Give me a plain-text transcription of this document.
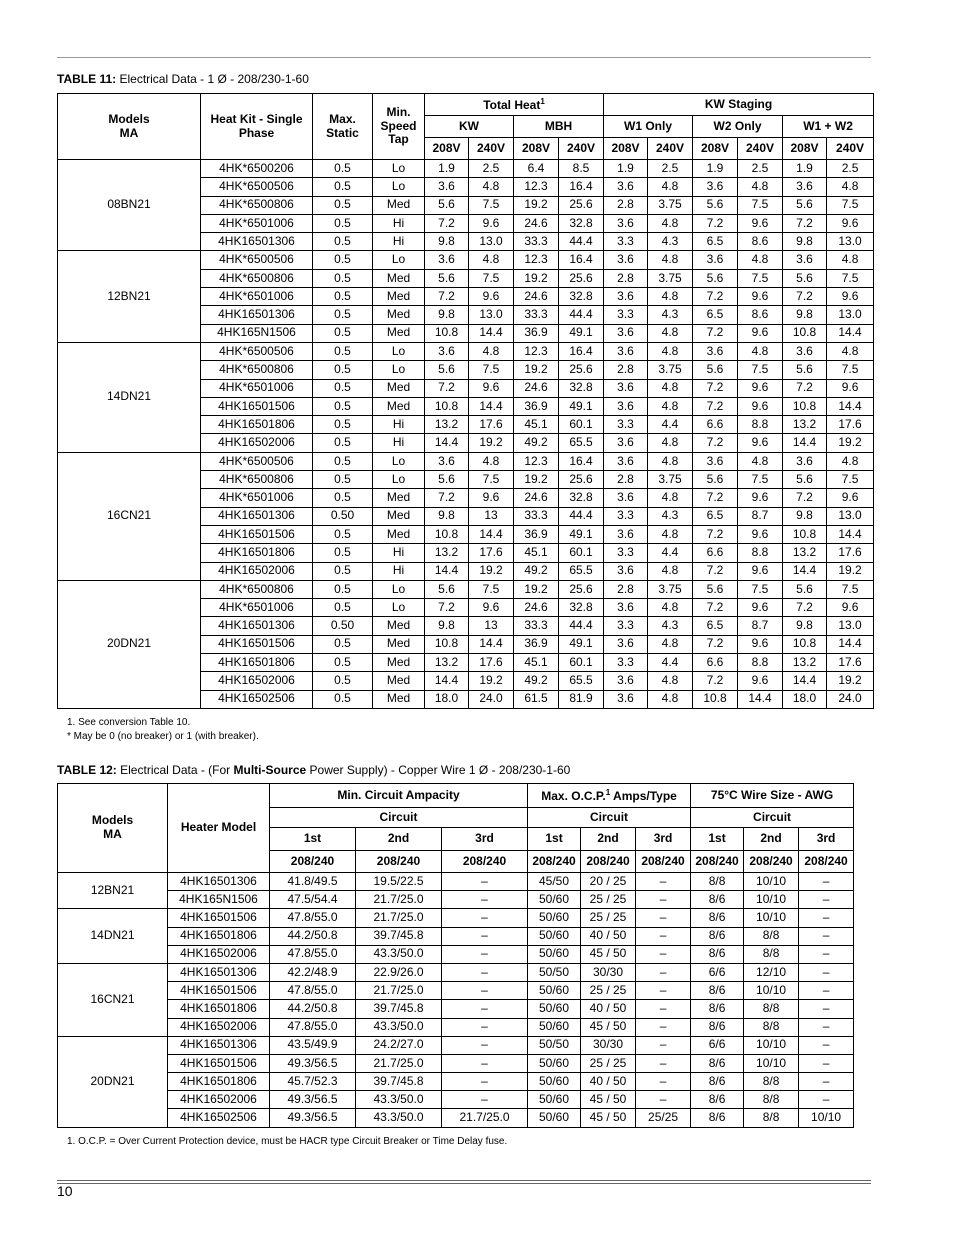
TABLE 11: Electrical Data - 1 Ø - 208/230-1-60
Models
MA	Heat Kit - Single Phase	Max. Static	Min. Speed Tap	Total Heat$^1$				KW Staging					
				KW		MBH		W1 Only		W2 Only		W1 + W2	
				208V	240V	208V	240V	208V	240V	208V	240V	208V	240V
08BN21	4HK*6500206	0.5	Lo	1.9	2.5	6.4	8.5	1.9	2.5	1.9	2.5	1.9	2.5
	4HK*6500506	0.5	Lo	3.6	4.8	12.3	16.4	3.6	4.8	3.6	4.8	3.6	4.8
	4HK*6500806	0.5	Med	5.6	7.5	19.2	25.6	2.8	3.75	5.6	7.5	5.6	7.5
	4HK*6501006	0.5	Hi	7.2	9.6	24.6	32.8	3.6	4.8	7.2	9.6	7.2	9.6
	4HK16501306	0.5	Hi	9.8	13.0	33.3	44.4	3.3	4.3	6.5	8.6	9.8	13.0
12BN21	4HK*6500506	0.5	Lo	3.6	4.8	12.3	16.4	3.6	4.8	3.6	4.8	3.6	4.8
	4HK*6500806	0.5	Med	5.6	7.5	19.2	25.6	2.8	3.75	5.6	7.5	5.6	7.5
	4HK*6501006	0.5	Med	7.2	9.6	24.6	32.8	3.6	4.8	7.2	9.6	7.2	9.6
	4HK16501306	0.5	Med	9.8	13.0	33.3	44.4	3.3	4.3	6.5	8.6	9.8	13.0
	4HK165N1506	0.5	Med	10.8	14.4	36.9	49.1	3.6	4.8	7.2	9.6	10.8	14.4
14DN21	4HK*6500506	0.5	Lo	3.6	4.8	12.3	16.4	3.6	4.8	3.6	4.8	3.6	4.8
	4HK*6500806	0.5	Lo	5.6	7.5	19.2	25.6	2.8	3.75	5.6	7.5	5.6	7.5
	4HK*6501006	0.5	Med	7.2	9.6	24.6	32.8	3.6	4.8	7.2	9.6	7.2	9.6
	4HK16501506	0.5	Med	10.8	14.4	36.9	49.1	3.6	4.8	7.2	9.6	10.8	14.4
	4HK16501806	0.5	Hi	13.2	17.6	45.1	60.1	3.3	4.4	6.6	8.8	13.2	17.6
	4HK16502006	0.5	Hi	14.4	19.2	49.2	65.5	3.6	4.8	7.2	9.6	14.4	19.2
16CN21	4HK*6500506	0.5	Lo	3.6	4.8	12.3	16.4	3.6	4.8	3.6	4.8	3.6	4.8
	4HK*6500806	0.5	Lo	5.6	7.5	19.2	25.6	2.8	3.75	5.6	7.5	5.6	7.5
	4HK*6501006	0.5	Med	7.2	9.6	24.6	32.8	3.6	4.8	7.2	9.6	7.2	9.6
	4HK16501306	0.50	Med	9.8	13	33.3	44.4	3.3	4.3	6.5	8.7	9.8	13.0
	4HK16501506	0.5	Med	10.8	14.4	36.9	49.1	3.6	4.8	7.2	9.6	10.8	14.4
	4HK16501806	0.5	Hi	13.2	17.6	45.1	60.1	3.3	4.4	6.6	8.8	13.2	17.6
	4HK16502006	0.5	Hi	14.4	19.2	49.2	65.5	3.6	4.8	7.2	9.6	14.4	19.2
20DN21	4HK*6500806	0.5	Lo	5.6	7.5	19.2	25.6	2.8	3.75	5.6	7.5	5.6	7.5
	4HK*6501006	0.5	Lo	7.2	9.6	24.6	32.8	3.6	4.8	7.2	9.6	7.2	9.6
	4HK16501306	0.50	Med	9.8	13	33.3	44.4	3.3	4.3	6.5	8.7	9.8	13.0
	4HK16501506	0.5	Med	10.8	14.4	36.9	49.1	3.6	4.8	7.2	9.6	10.8	14.4
	4HK16501806	0.5	Med	13.2	17.6	45.1	60.1	3.3	4.4	6.6	8.8	13.2	17.6
	4HK16502006	0.5	Med	14.4	19.2	49.2	65.5	3.6	4.8	7.2	9.6	14.4	19.2
	4HK16502506	0.5	Med	18.0	24.0	61.5	81.9	3.6	4.8	10.8	14.4	18.0	24.0
1. See conversion Table 10.
* May be 0 (no breaker) or 1 (with breaker).
TABLE 12: Electrical Data - (For Multi-Source Power Supply) - Copper Wire 1 Ø - 208/230-1-60
Models
MA	Heater Model	Min. Circuit Ampacity			Max. O.C.P.$^1$ Amps/Type			75°C Wire Size - AWG		
		Circuit			Circuit			Circuit		
		1st	2nd	3rd	1st	2nd	3rd	1st	2nd	3rd
		208/240	208/240	208/240	208/240	208/240	208/240	208/240	208/240	208/240
12BN21	4HK16501306	41.8/49.5	19.5/22.5	–	45/50	20 / 25	–	8/8	10/10	–
	4HK165N1506	47.5/54.4	21.7/25.0	–	50/60	25 / 25	–	8/6	10/10	–
14DN21	4HK16501506	47.8/55.0	21.7/25.0	–	50/60	25 / 25	–	8/6	10/10	–
	4HK16501806	44.2/50.8	39.7/45.8	–	50/60	40 / 50	–	8/6	8/8	–
	4HK16502006	47.8/55.0	43.3/50.0	–	50/60	45 / 50	–	8/6	8/8	–
16CN21	4HK16501306	42.2/48.9	22.9/26.0	–	50/50	30/30	–	6/6	12/10	–
	4HK16501506	47.8/55.0	21.7/25.0	–	50/60	25 / 25	–	8/6	10/10	–
	4HK16501806	44.2/50.8	39.7/45.8	–	50/60	40 / 50	–	8/6	8/8	–
	4HK16502006	47.8/55.0	43.3/50.0	–	50/60	45 / 50	–	8/6	8/8	–
20DN21	4HK16501306	43.5/49.9	24.2/27.0	–	50/50	30/30	–	6/6	10/10	–
	4HK16501506	49.3/56.5	21.7/25.0	–	50/60	25 / 25	–	8/6	10/10	–
	4HK16501806	45.7/52.3	39.7/45.8	–	50/60	40 / 50	–	8/6	8/8	–
	4HK16502006	49.3/56.5	43.3/50.0	–	50/60	45 / 50	–	8/6	8/8	–
	4HK16502506	49.3/56.5	43.3/50.0	21.7/25.0	50/60	45 / 50	25/25	8/6	8/8	10/10
1. O.C.P. = Over Current Protection device, must be HACR type Circuit Breaker or Time Delay fuse.
10
